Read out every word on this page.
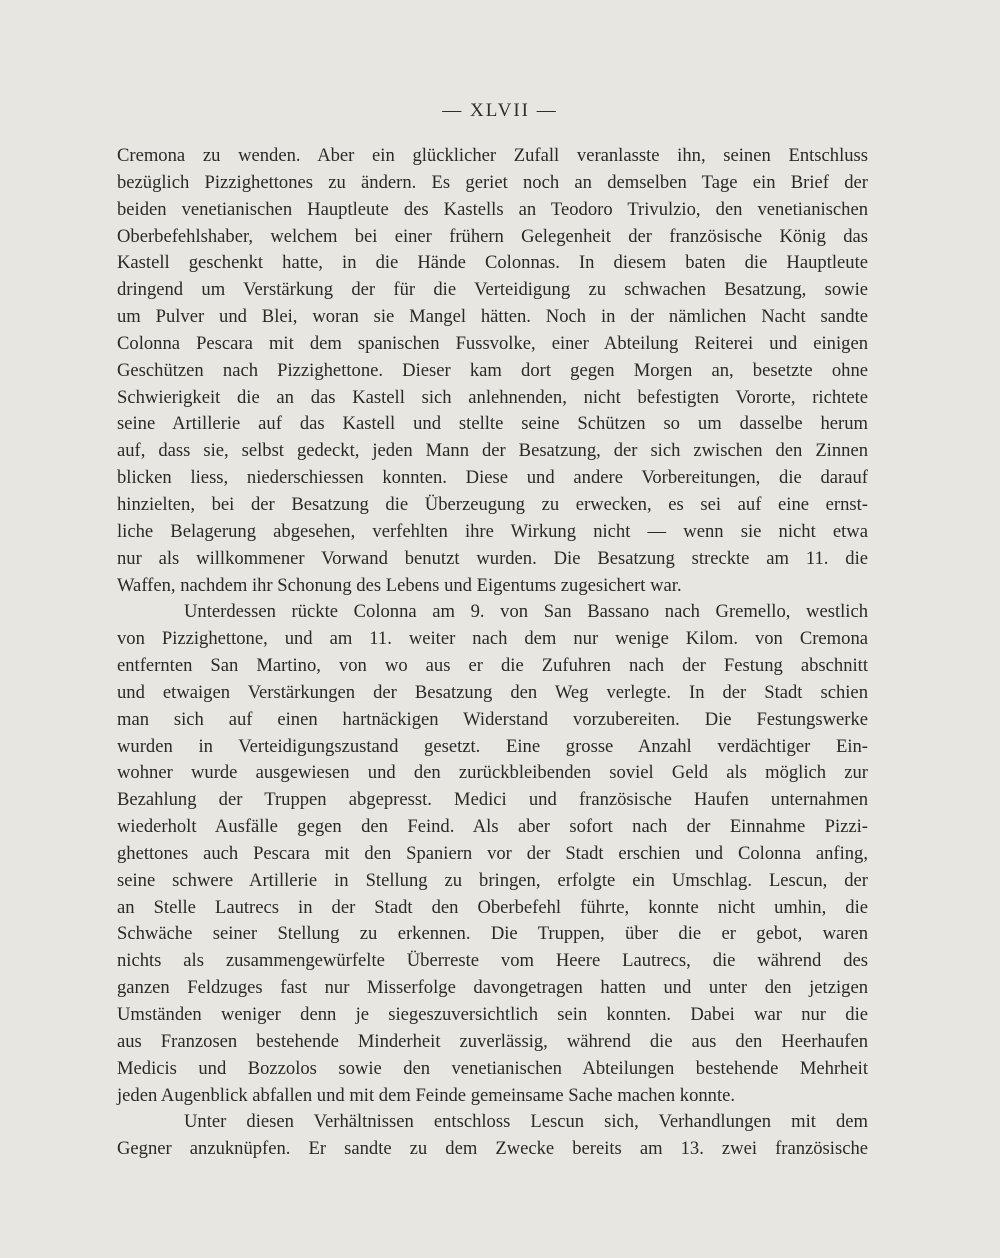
— XLVII —
Cremona zu wenden. Aber ein glücklicher Zufall veranlasste ihn, seinen Entschluss
bezüglich Pizzighettones zu ändern. Es geriet noch an demselben Tage ein Brief der
beiden venetianischen Hauptleute des Kastells an Teodoro Trivulzio, den venetianischen
Oberbefehlshaber, welchem bei einer frühern Gelegenheit der französische König das
Kastell geschenkt hatte, in die Hände Colonnas. In diesem baten die Hauptleute
dringend um Verstärkung der für die Verteidigung zu schwachen Besatzung, sowie
um Pulver und Blei, woran sie Mangel hätten. Noch in der nämlichen Nacht sandte
Colonna Pescara mit dem spanischen Fussvolke, einer Abteilung Reiterei und einigen
Geschützen nach Pizzighettone. Dieser kam dort gegen Morgen an, besetzte ohne
Schwierigkeit die an das Kastell sich anlehnenden, nicht befestigten Vororte, richtete
seine Artillerie auf das Kastell und stellte seine Schützen so um dasselbe herum
auf, dass sie, selbst gedeckt, jeden Mann der Besatzung, der sich zwischen den Zinnen
blicken liess, niederschiessen konnten. Diese und andere Vorbereitungen, die darauf
hinzielten, bei der Besatzung die Überzeugung zu erwecken, es sei auf eine ernst-
liche Belagerung abgesehen, verfehlten ihre Wirkung nicht — wenn sie nicht etwa
nur als willkommener Vorwand benutzt wurden. Die Besatzung streckte am 11. die
Waffen, nachdem ihr Schonung des Lebens und Eigentums zugesichert war.
Unterdessen rückte Colonna am 9. von San Bassano nach Gremello, westlich
von Pizzighettone, und am 11. weiter nach dem nur wenige Kilom. von Cremona
entfernten San Martino, von wo aus er die Zufuhren nach der Festung abschnitt
und etwaigen Verstärkungen der Besatzung den Weg verlegte. In der Stadt schien
man sich auf einen hartnäckigen Widerstand vorzubereiten. Die Festungswerke
wurden in Verteidigungszustand gesetzt. Eine grosse Anzahl verdächtiger Ein-
wohner wurde ausgewiesen und den zurückbleibenden soviel Geld als möglich zur
Bezahlung der Truppen abgepresst. Medici und französische Haufen unternahmen
wiederholt Ausfälle gegen den Feind. Als aber sofort nach der Einnahme Pizzi-
ghettones auch Pescara mit den Spaniern vor der Stadt erschien und Colonna anfing,
seine schwere Artillerie in Stellung zu bringen, erfolgte ein Umschlag. Lescun, der
an Stelle Lautrecs in der Stadt den Oberbefehl führte, konnte nicht umhin, die
Schwäche seiner Stellung zu erkennen. Die Truppen, über die er gebot, waren
nichts als zusammengewürfelte Überreste vom Heere Lautrecs, die während des
ganzen Feldzuges fast nur Misserfolge davongetragen hatten und unter den jetzigen
Umständen weniger denn je siegeszuversichtlich sein konnten. Dabei war nur die
aus Franzosen bestehende Minderheit zuverlässig, während die aus den Heerhaufen
Medicis und Bozzolos sowie den venetianischen Abteilungen bestehende Mehrheit
jeden Augenblick abfallen und mit dem Feinde gemeinsame Sache machen konnte.
Unter diesen Verhältnissen entschloss Lescun sich, Verhandlungen mit dem
Gegner anzuknüpfen. Er sandte zu dem Zwecke bereits am 13. zwei französische
